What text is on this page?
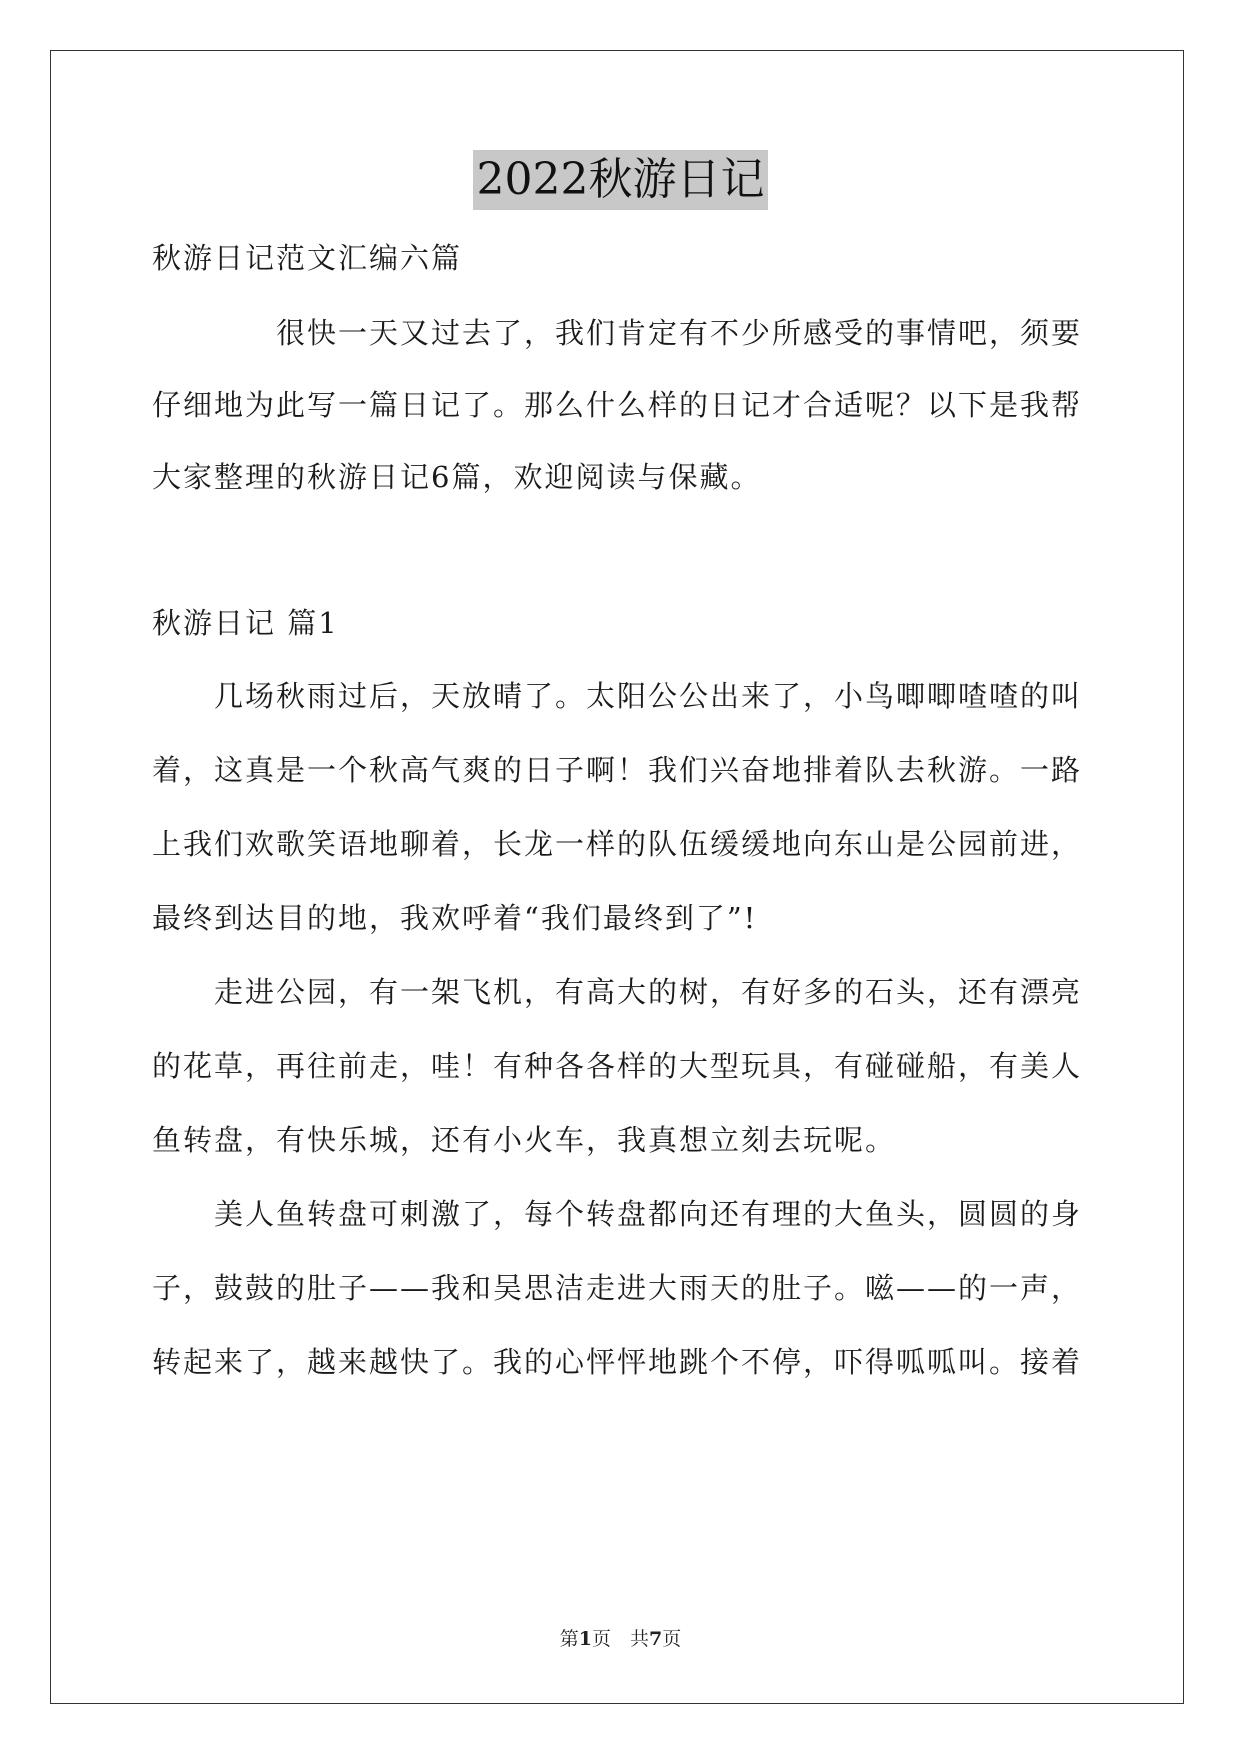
2022秋游日记
秋游日记范文汇编六篇
很快一天又过去了，我们肯定有不少所感受的事情吧，须要
仔细地为此写一篇日记了。那么什么样的日记才合适呢？以下是我帮
大家整理的秋游日记6篇，欢迎阅读与保藏。
秋游日记 篇1
几场秋雨过后，天放晴了。太阳公公出来了，小鸟唧唧喳喳的叫
着，这真是一个秋高气爽的日子啊！我们兴奋地排着队去秋游。一路
上我们欢歌笑语地聊着，长龙一样的队伍缓缓地向东山是公园前进，
最终到达目的地，我欢呼着“我们最终到了”!
走进公园，有一架飞机，有高大的树，有好多的石头，还有漂亮
的花草，再往前走，哇！有种各各样的大型玩具，有碰碰船，有美人
鱼转盘，有快乐城，还有小火车，我真想立刻去玩呢。
美人鱼转盘可刺激了，每个转盘都向还有理的大鱼头，圆圆的身
子，鼓鼓的肚子——我和吴思洁走进大雨天的肚子。嗞——的一声，
转起来了，越来越快了。我的心怦怦地跳个不停，吓得呱呱叫。接着
第1页　共7页
